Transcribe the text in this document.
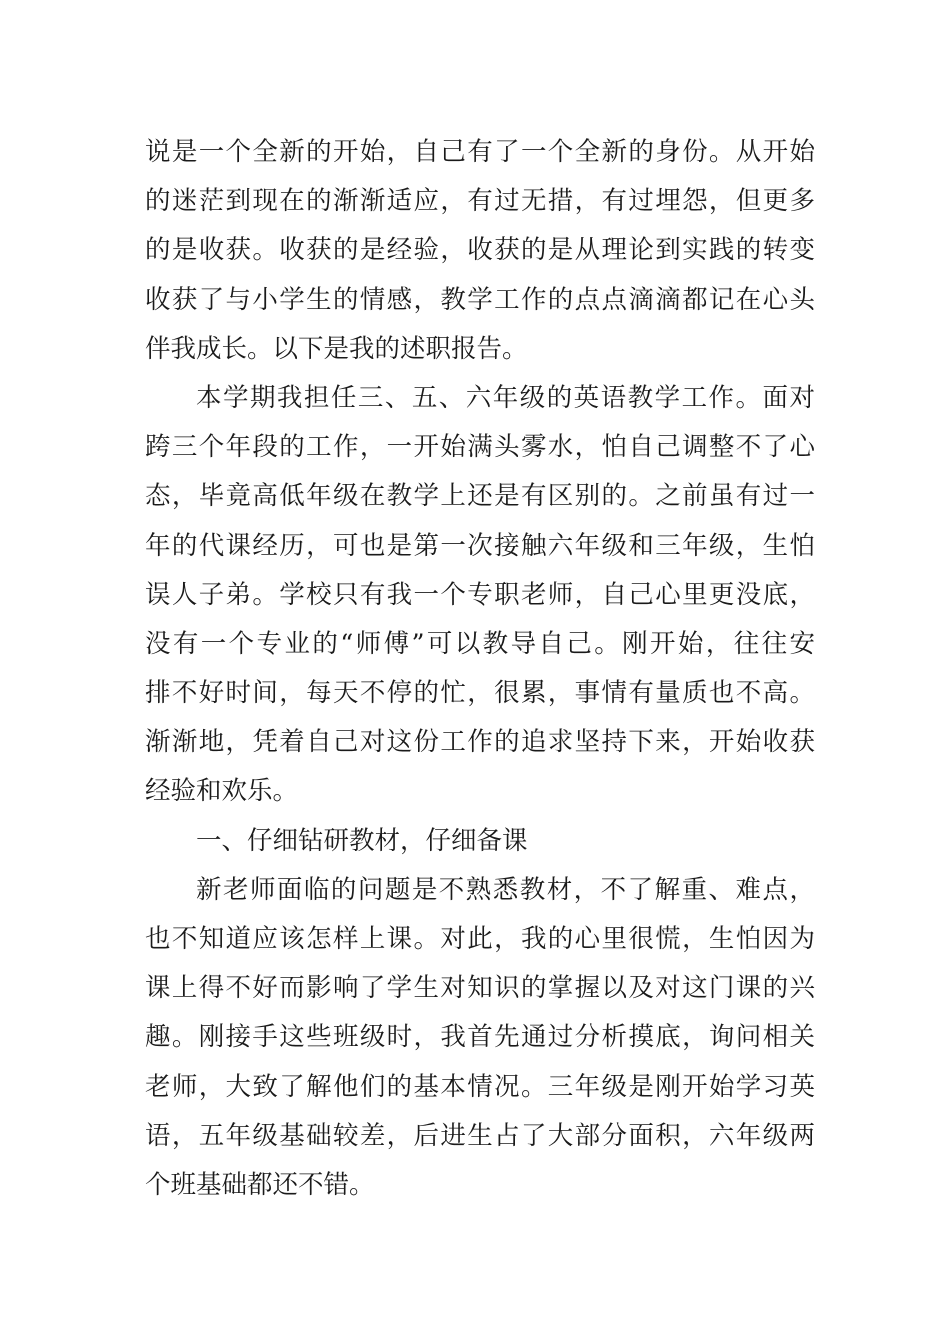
说是一个全新的开始，自己有了一个全新的身份。从开始
的迷茫到现在的渐渐适应，有过无措，有过埋怨，但更多
的是收获。收获的是经验，收获的是从理论到实践的转变
收获了与小学生的情感，教学工作的点点滴滴都记在心头
伴我成长。以下是我的述职报告。
本学期我担任三、五、六年级的英语教学工作。面对
跨三个年段的工作，一开始满头雾水，怕自己调整不了心
态，毕竟高低年级在教学上还是有区别的。之前虽有过一
年的代课经历，可也是第一次接触六年级和三年级，生怕
误人子弟。学校只有我一个专职老师，自己心里更没底，
没有一个专业的“师傅”可以教导自己。刚开始，往往安
排不好时间，每天不停的忙，很累，事情有量质也不高。
渐渐地，凭着自己对这份工作的追求坚持下来，开始收获
经验和欢乐。
一、仔细钻研教材，仔细备课
新老师面临的问题是不熟悉教材，不了解重、难点，
也不知道应该怎样上课。对此，我的心里很慌，生怕因为
课上得不好而影响了学生对知识的掌握以及对这门课的兴
趣。刚接手这些班级时，我首先通过分析摸底，询问相关
老师，大致了解他们的基本情况。三年级是刚开始学习英
语，五年级基础较差，后进生占了大部分面积，六年级两
个班基础都还不错。
